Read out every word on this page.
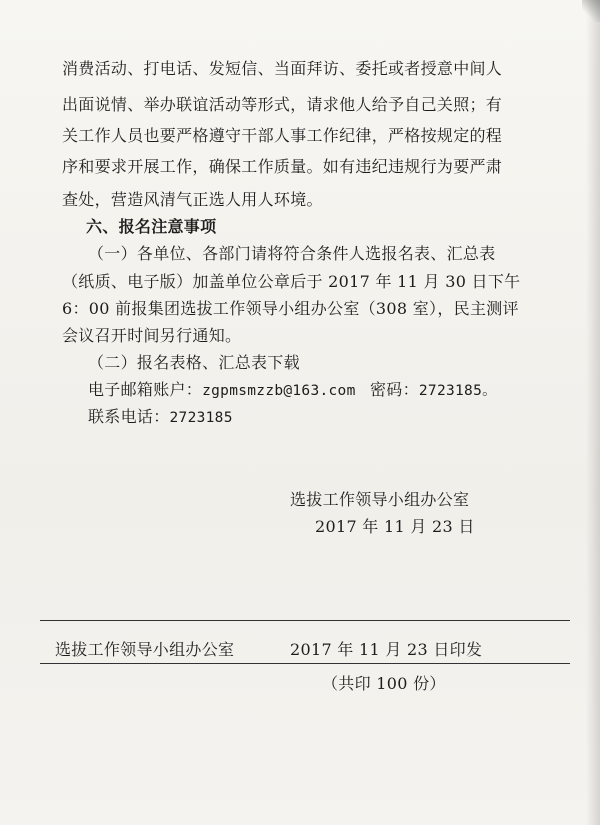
消费活动、打电话、发短信、当面拜访、委托或者授意中间人
出面说情、举办联谊活动等形式，请求他人给予自己关照；有
关工作人员也要严格遵守干部人事工作纪律，严格按规定的程
序和要求开展工作，确保工作质量。如有违纪违规行为要严肃
查处，营造风清气正选人用人环境。
六、报名注意事项
（一）各单位、各部门请将符合条件人选报名表、汇总表
（纸质、电子版）加盖单位公章后于 2017 年 11 月 30 日下午
6：00 前报集团选拔工作领导小组办公室（308 室），民主测评
会议召开时间另行通知。
（二）报名表格、汇总表下载
电子邮箱账户：zgpmsmzzb@163.com 密码：2723185。
联系电话：2723185
选拔工作领导小组办公室
2017 年 11 月 23 日
选拔工作领导小组办公室	2017 年 11 月 23 日印发
（共印 100 份）
